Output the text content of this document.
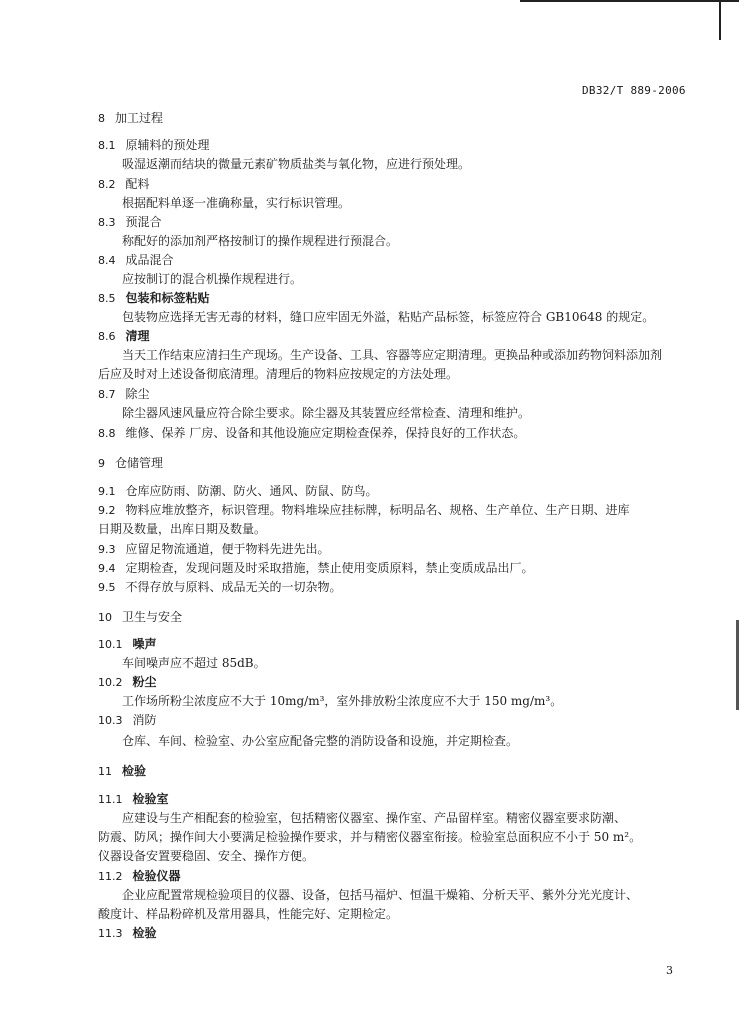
DB32/T 889-2006
8 加工过程
8.1 原辅料的预处理
吸湿返潮而结块的微量元素矿物质盐类与氧化物，应进行预处理。
8.2 配料
根据配料单逐一准确称量，实行标识管理。
8.3 预混合
称配好的添加剂严格按制订的操作规程进行预混合。
8.4 成品混合
应按制订的混合机操作规程进行。
8.5 包装和标签粘贴
包装物应选择无害无毒的材料，缝口应牢固无外溢，粘贴产品标签，标签应符合 GB10648 的规定。
8.6 清理
当天工作结束应清扫生产现场。生产设备、工具、容器等应定期清理。更换品种或添加药物饲料添加剂
后应及时对上述设备彻底清理。清理后的物料应按规定的方法处理。
8.7 除尘
除尘器风速风量应符合除尘要求。除尘器及其装置应经常检查、清理和维护。
8.8 维修、保养 厂房、设备和其他设施应定期检查保养，保持良好的工作状态。
9 仓储管理
9.1 仓库应防雨、防潮、防火、通风、防鼠、防鸟。
9.2 物料应堆放整齐，标识管理。物料堆垛应挂标牌，标明品名、规格、生产单位、生产日期、进库
日期及数量，出库日期及数量。
9.3 应留足物流通道，便于物料先进先出。
9.4 定期检查，发现问题及时采取措施，禁止使用变质原料，禁止变质成品出厂。
9.5 不得存放与原料、成品无关的一切杂物。
10 卫生与安全
10.1 噪声
车间噪声应不超过 85dB。
10.2 粉尘
工作场所粉尘浓度应不大于 10mg/m³，室外排放粉尘浓度应不大于 150 mg/m³。
10.3 消防
仓库、车间、检验室、办公室应配备完整的消防设备和设施，并定期检查。
11 检验
11.1 检验室
应建设与生产相配套的检验室，包括精密仪器室、操作室、产品留样室。精密仪器室要求防潮、
防震、防风；操作间大小要满足检验操作要求，并与精密仪器室衔接。检验室总面积应不小于 50 m²。
仪器设备安置要稳固、安全、操作方便。
11.2 检验仪器
企业应配置常规检验项目的仪器、设备，包括马福炉、恒温干燥箱、分析天平、紫外分光光度计、
酸度计、样品粉碎机及常用器具，性能完好、定期检定。
11.3 检验
3
